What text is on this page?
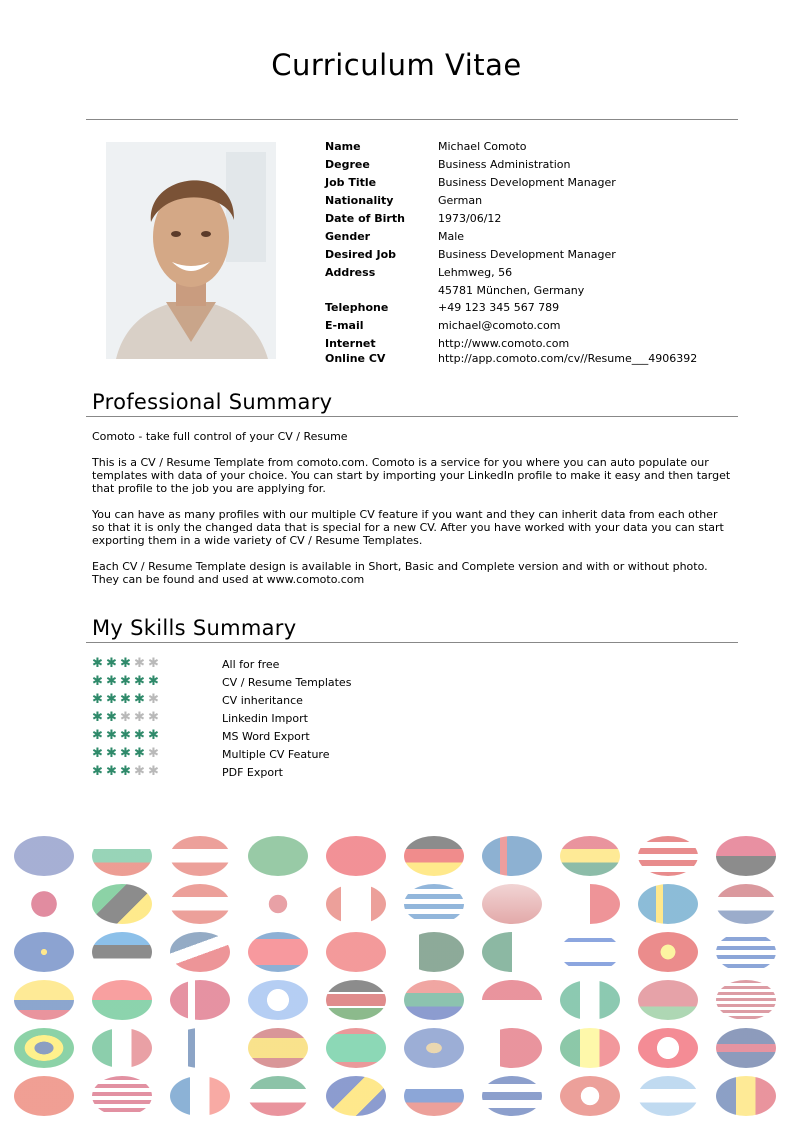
Curriculum Vitae
Name	Michael Comoto
Degree	Business Administration
Job Title	Business Development Manager
Nationality	German
Date of Birth	1973/06/12
Gender	Male
Desired Job	Business Development Manager
Address	Lehmweg, 56
45781 München, Germany
Telephone	+49 123 345 567 789
E-mail	michael@comoto.com
Internet	http://www.comoto.com
Online CV	http://app.comoto.com/cv//Resume___4906392
Professional Summary

Comoto - take full control of your CV / Resume

This is a CV / Resume Template from comoto.com. Comoto is a service for you where you can auto populate our templates with data of your choice. You can start by importing your LinkedIn profile to make it easy and then target that profile to the job you are applying for.

You can have as many profiles with our multiple CV feature if you want and they can inherit data from each other so that it is only the changed data that is special for a new CV. After you have worked with your data you can start exporting them in a wide variety of CV / Resume Templates.

Each CV / Resume Template design is available in Short, Basic and Complete version and with or without photo. They can be found and used at www.comoto.com

My Skills Summary
✱ ✱ ✱ ✱ ✱	All for free
✱ ✱ ✱ ✱ ✱	CV / Resume Templates
✱ ✱ ✱ ✱ ✱	CV inheritance
✱ ✱ ✱ ✱ ✱	Linkedin Import
✱ ✱ ✱ ✱ ✱	MS Word Export
✱ ✱ ✱ ✱ ✱	Multiple CV Feature
✱ ✱ ✱ ✱ ✱	PDF Export
